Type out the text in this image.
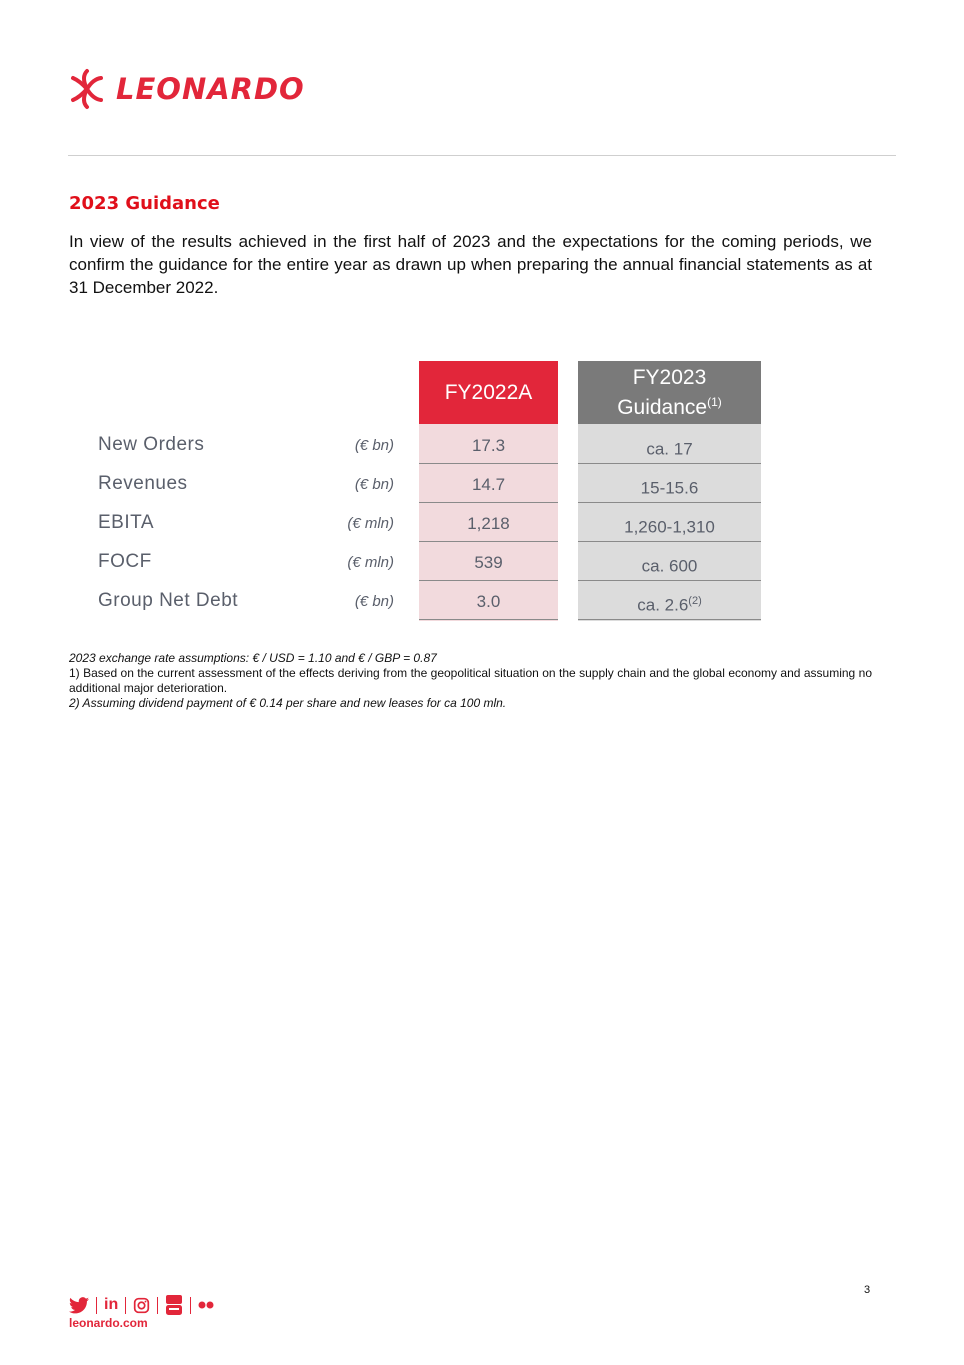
LEONARDO
2023 Guidance

In view of the results achieved in the first half of 2023 and the expectations for the coming periods, we confirm the guidance for the entire year as drawn up when preparing the annual financial statements as at 31 December 2022.

FY2022A
FY2023
Guidance$^{(1)}$
New Orders	(€ bn)	17.3	ca. 17
Revenues	(€ bn)	14.7	15-15.6
EBITA	(€ mln)	1,218	1,260-1,310
FOCF	(€ mln)	539	ca. 600
Group Net Debt	(€ bn)	3.0	ca. 2.6$^{(2)}$

2023 exchange rate assumptions: € / USD = 1.10 and € / GBP = 0.87

1) Based on the current assessment of the effects deriving from the geopolitical situation on the supply chain and the global economy and assuming no additional major deterioration.

2) Assuming dividend payment of € 0.14 per share and new leases for ca 100 mln.

3
in
leonardo.com
